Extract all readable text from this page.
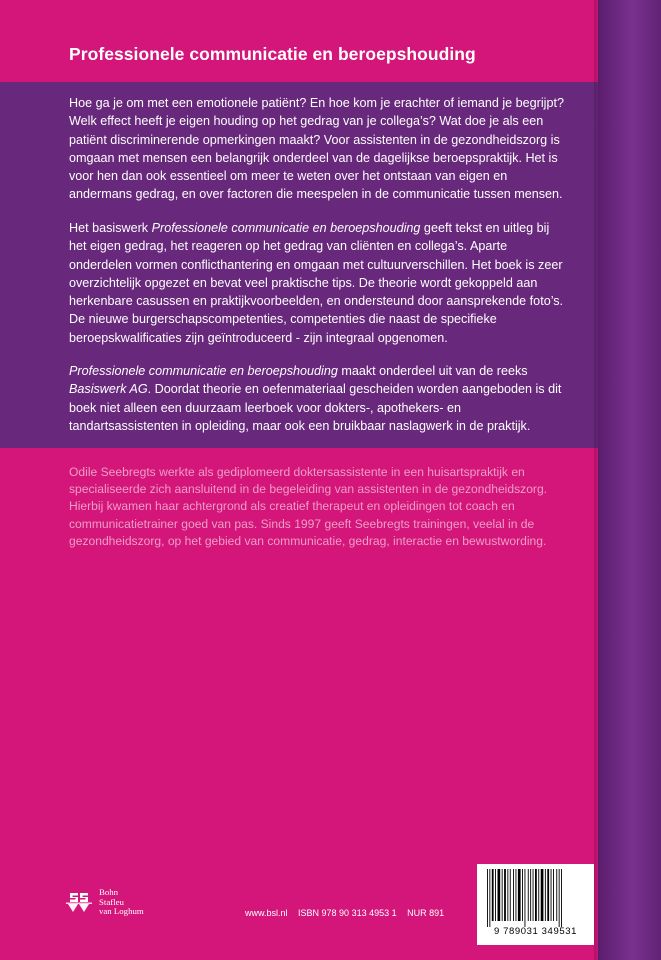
Professionele communicatie en beroepshouding

Hoe ga je om met een emotionele patiënt? En hoe kom je erachter of iemand je begrijpt? Welk effect heeft je eigen houding op het gedrag van je collega’s? Wat doe je als een patiënt discriminerende opmerkingen maakt? Voor assistenten in de gezondheidszorg is omgaan met mensen een belangrijk onderdeel van de dagelijkse beroepspraktijk. Het is voor hen dan ook essentieel om meer te weten over het ontstaan van eigen en andermans gedrag, en over factoren die meespelen in de communicatie tussen mensen.

Het basiswerk Professionele communicatie en beroepshouding geeft tekst en uitleg bij het eigen gedrag, het reageren op het gedrag van cliënten en collega’s. Aparte onderdelen vormen conflicthantering en omgaan met cultuurverschillen. Het boek is zeer overzichtelijk opgezet en bevat veel praktische tips. De theorie wordt gekoppeld aan herkenbare casussen en praktijkvoorbeelden, en ondersteund door aansprekende foto’s. De nieuwe burgerschapscompetenties, competenties die naast de specifieke beroepskwalificaties zijn geïntroduceerd - zijn integraal opgenomen.

Professionele communicatie en beroepshouding maakt onderdeel uit van de reeks Basiswerk AG. Doordat theorie en oefenmateriaal gescheiden worden aangeboden is dit boek niet alleen een duurzaam leerboek voor dokters-, apothekers- en tandartsassistenten in opleiding, maar ook een bruikbaar naslagwerk in de praktijk.

Odile Seebregts werkte als gediplomeerd doktersassistente in een huisartspraktijk en specialiseerde zich aansluitend in de begeleiding van assistenten in de gezondheidszorg. Hierbij kwamen haar achtergrond als creatief therapeut en opleidingen tot coach en communicatietrainer goed van pas. Sinds 1997 geeft Seebregts trainingen, veelal in de gezondheidszorg, op het gebied van communicatie, gedrag, interactie en bewustwording.

Bohn
Stafleu
van Loghum	www.bsl.nl ISBN 978 90 313 4953 1 NUR 891
9 789031 349531
